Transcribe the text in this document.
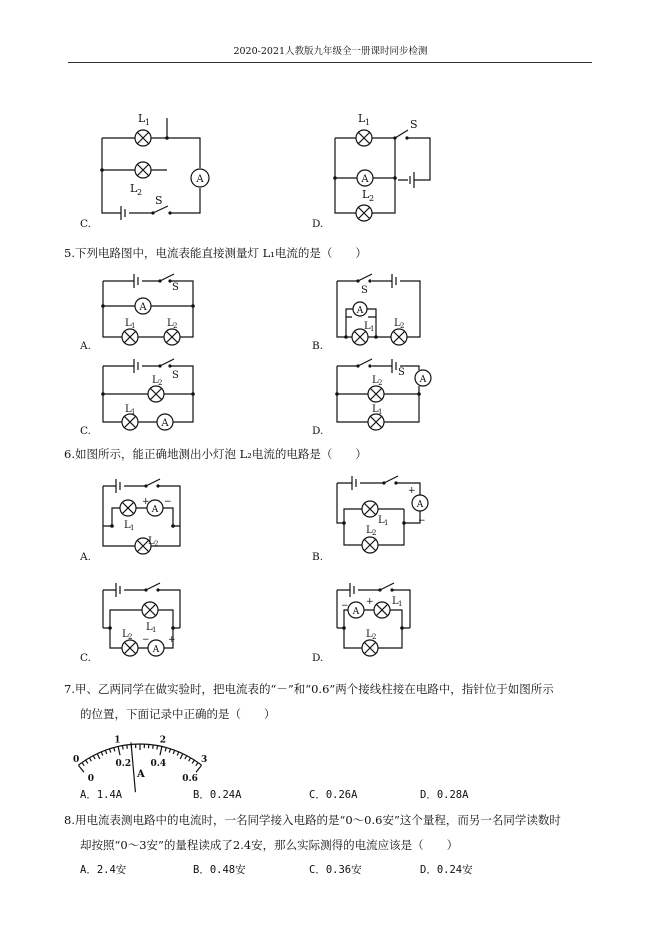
2020-2021人教版九年级全一册课时同步检测
A
L 1
L 2
S
C.
A
L 1	S
L 2
D.
5.下列电路图中，电流表能直接测量灯 L₁电流的是（　　）
A
S
L 1	L 2
A.
A
S
L 1 L 2
B.
A
S
L 2
L 1
C.
A
S
L 2
L 1
D.
6.如图所示，能正确地测出小灯泡 L₂电流的电路是（　　）
A
+ −
L 1
L 2
A.
A
+
−
L 1
L 2
B.
A
L 1
L 2 − +
C.
A
− + L 1
L 2
D.
7.甲、乙两同学在做实验时，把电流表的“－”和“0.6”两个接线柱接在电路中，指针位于如图所示
的位置，下面记录中正确的是（　　）
0
1	2
3
0
0.2 0.4
0.6
A
A．1.4A	B．0.24A	C．0.26A	D．0.28A
8.用电流表测电路中的电流时，一名同学接入电路的是“0～0.6安”这个量程，而另一名同学读数时
却按照“0～3安”的量程读成了2.4安，那么实际测得的电流应该是（　　）
A．2.4安	B．0.48安	C．0.36安	D．0.24安
